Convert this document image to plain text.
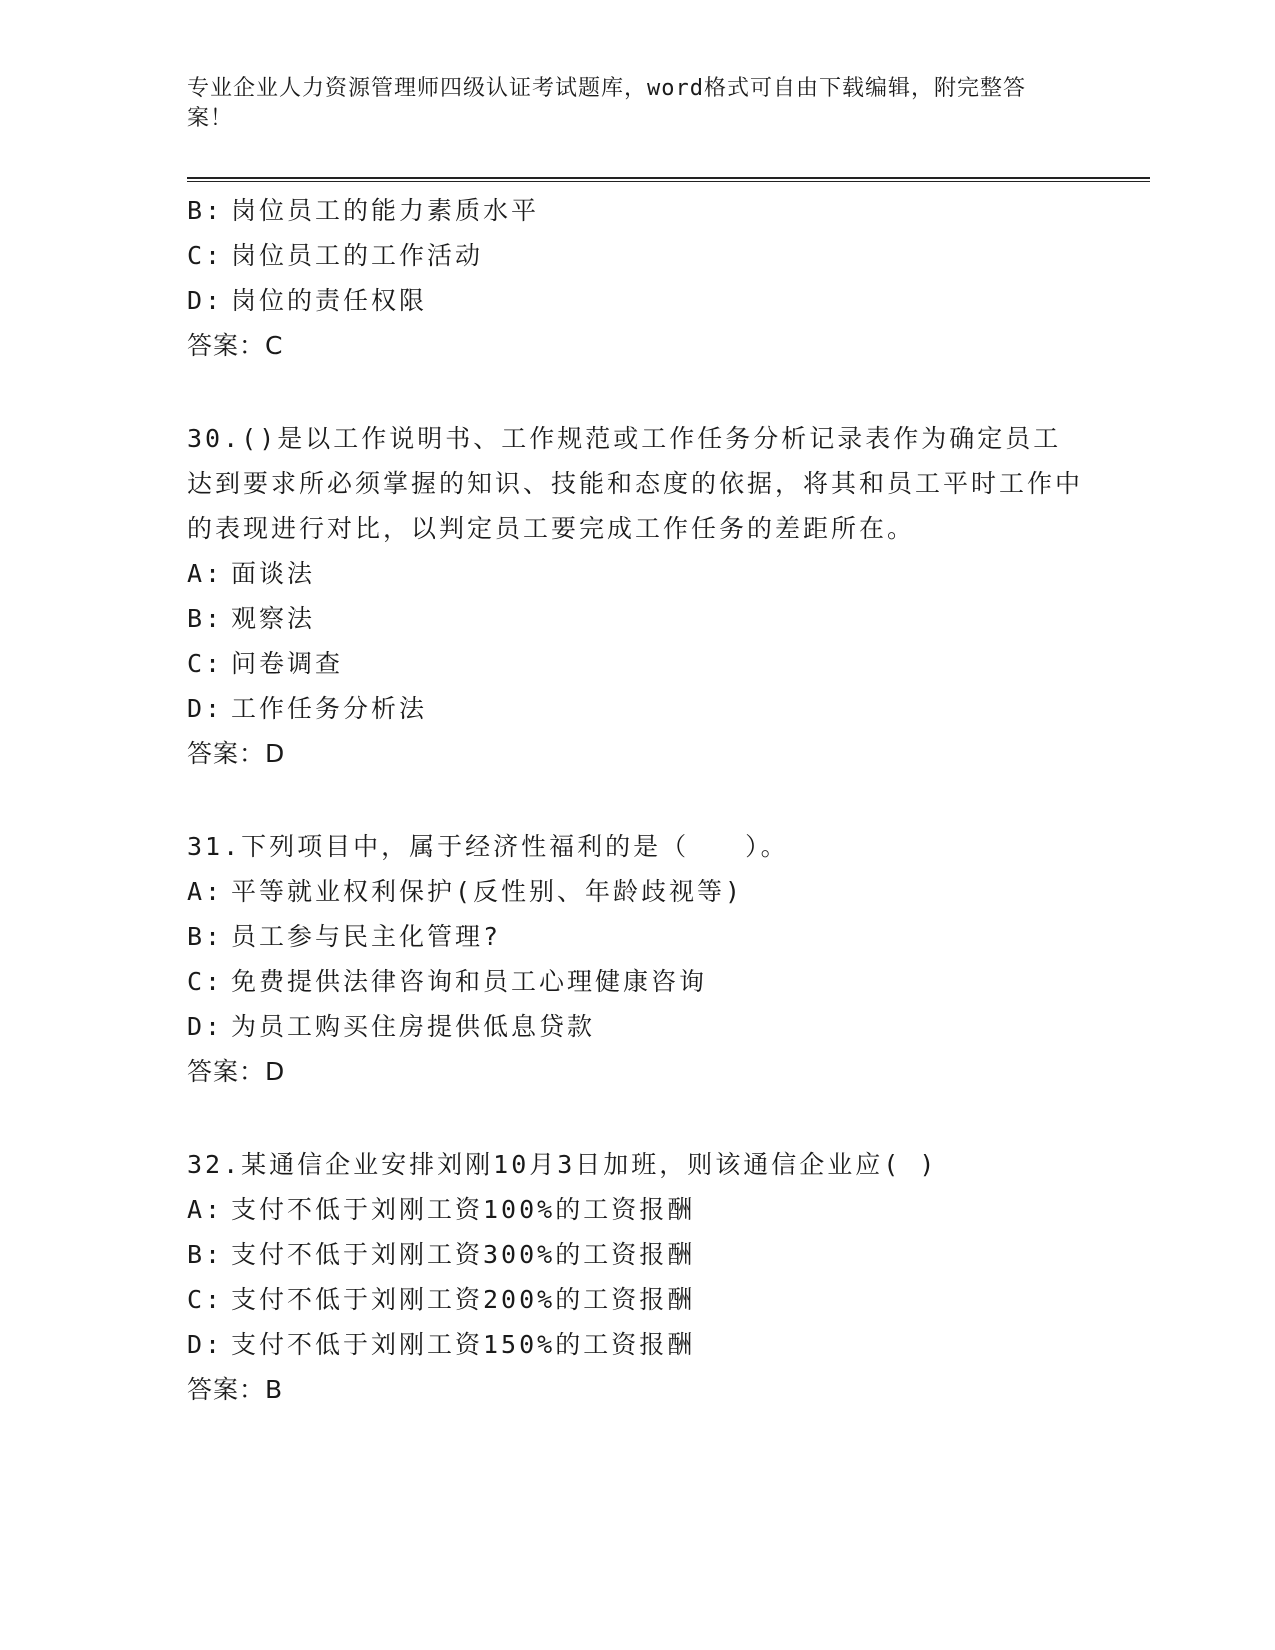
专业企业人力资源管理师四级认证考试题库，word格式可自由下载编辑，附完整答案！
B: 岗位员工的能力素质水平
C: 岗位员工的工作活动
D: 岗位的责任权限
答案：C
30.()是以工作说明书、工作规范或工作任务分析记录表作为确定员工达到要求所必须掌握的知识、技能和态度的依据，将其和员工平时工作中的表现进行对比，以判定员工要完成工作任务的差距所在。
A: 面谈法
B: 观察法
C: 问卷调查
D: 工作任务分析法
答案：D
31.下列项目中，属于经济性福利的是（　　）。
A: 平等就业权利保护(反性别、年龄歧视等)
B: 员工参与民主化管理?
C: 免费提供法律咨询和员工心理健康咨询
D: 为员工购买住房提供低息贷款
答案：D
32.某通信企业安排刘刚10月3日加班，则该通信企业应( )
A: 支付不低于刘刚工资100%的工资报酬
B: 支付不低于刘刚工资300%的工资报酬
C: 支付不低于刘刚工资200%的工资报酬
D: 支付不低于刘刚工资150%的工资报酬
答案：B
